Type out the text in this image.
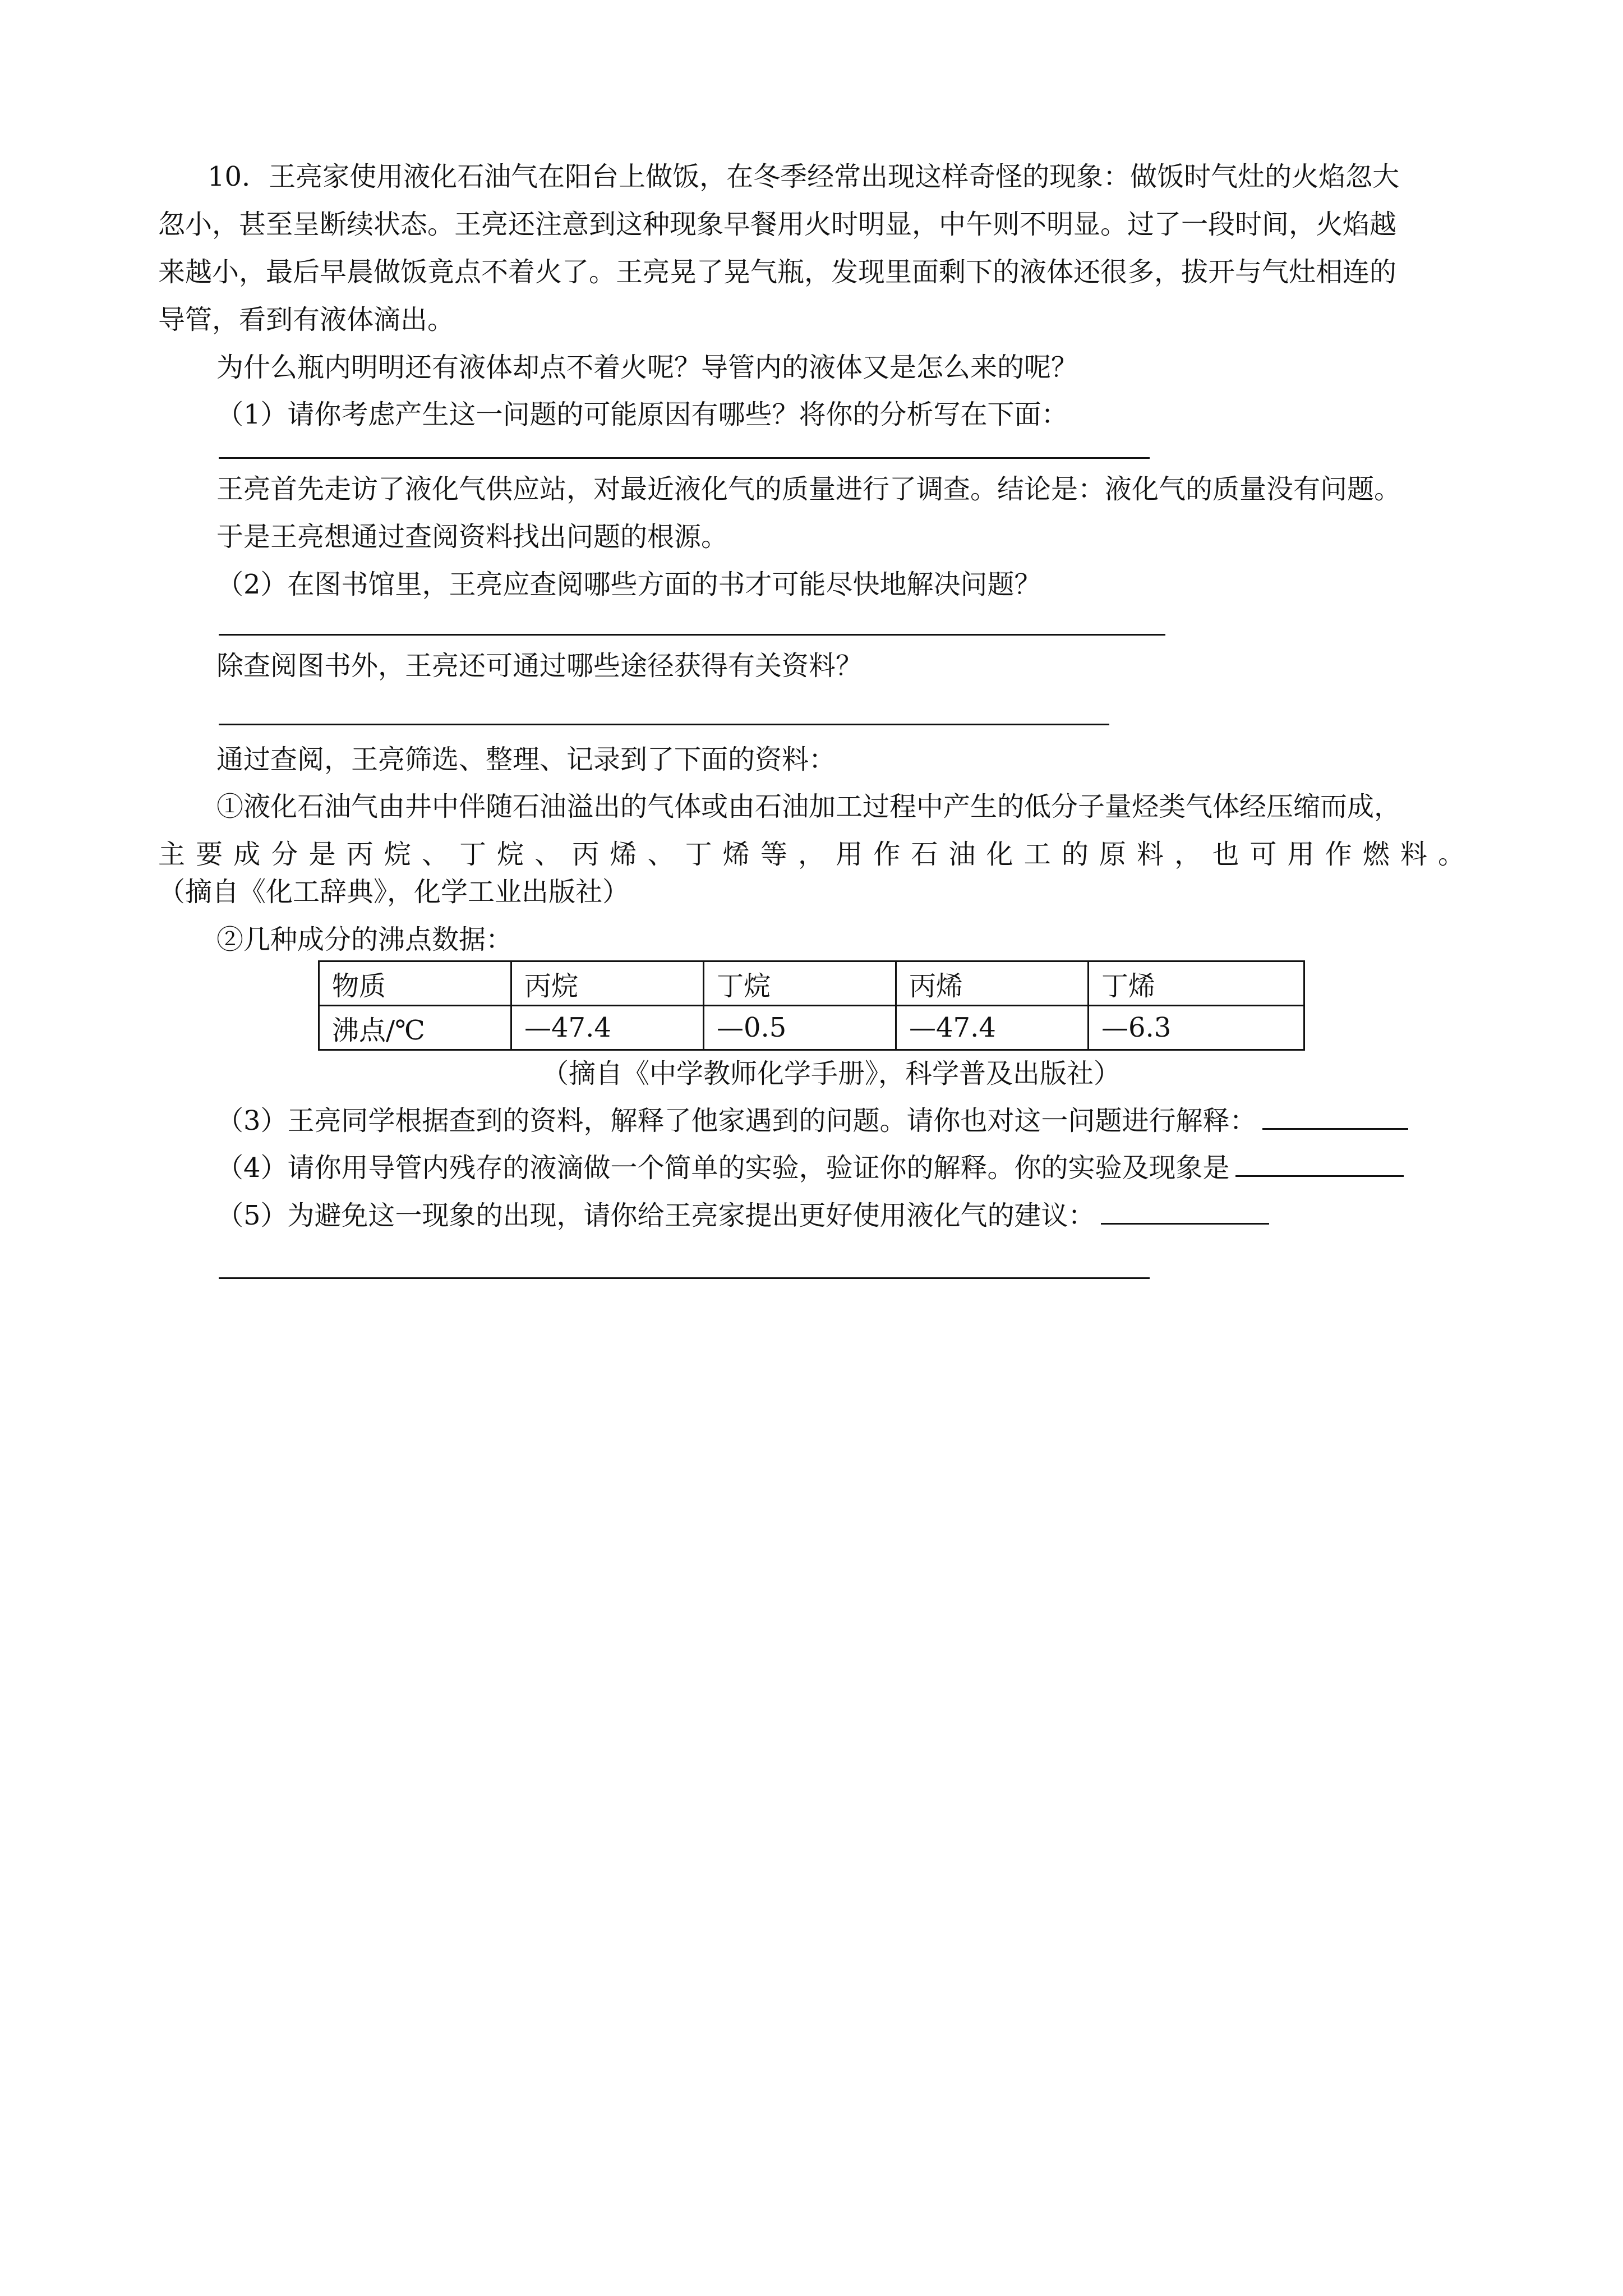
10．王亮家使用液化石油气在阳台上做饭，在冬季经常出现这样奇怪的现象：做饭时气灶的火焰忽大
忽小，甚至呈断续状态。王亮还注意到这种现象早餐用火时明显，中午则不明显。过了一段时间，火焰越
来越小，最后早晨做饭竟点不着火了。王亮晃了晃气瓶，发现里面剩下的液体还很多，拔开与气灶相连的
导管，看到有液体滴出。
为什么瓶内明明还有液体却点不着火呢？导管内的液体又是怎么来的呢？
（1）请你考虑产生这一问题的可能原因有哪些？将你的分析写在下面：
王亮首先走访了液化气供应站，对最近液化气的质量进行了调查。结论是：液化气的质量没有问题。
于是王亮想通过查阅资料找出问题的根源。
（2）在图书馆里，王亮应查阅哪些方面的书才可能尽快地解决问题？
除查阅图书外，王亮还可通过哪些途径获得有关资料？
通过查阅，王亮筛选、整理、记录到了下面的资料：
①液化石油气由井中伴随石油溢出的气体或由石油加工过程中产生的低分子量烃类气体经压缩而成，
主要成分是丙烷、丁烷、丙烯、丁烯等，用作石油化工的原料，也可用作燃料。
（摘自《化工辞典》，化学工业出版社）
②几种成分的沸点数据：
物质	丙烷	丁烷	丙烯	丁烯
沸点/℃	—47.4	—0.5	—47.4	—6.3
（摘自《中学教师化学手册》，科学普及出版社）
（3）王亮同学根据查到的资料，解释了他家遇到的问题。请你也对这一问题进行解释：
（4）请你用导管内残存的液滴做一个简单的实验，验证你的解释。你的实验及现象是
（5）为避免这一现象的出现，请你给王亮家提出更好使用液化气的建议：
